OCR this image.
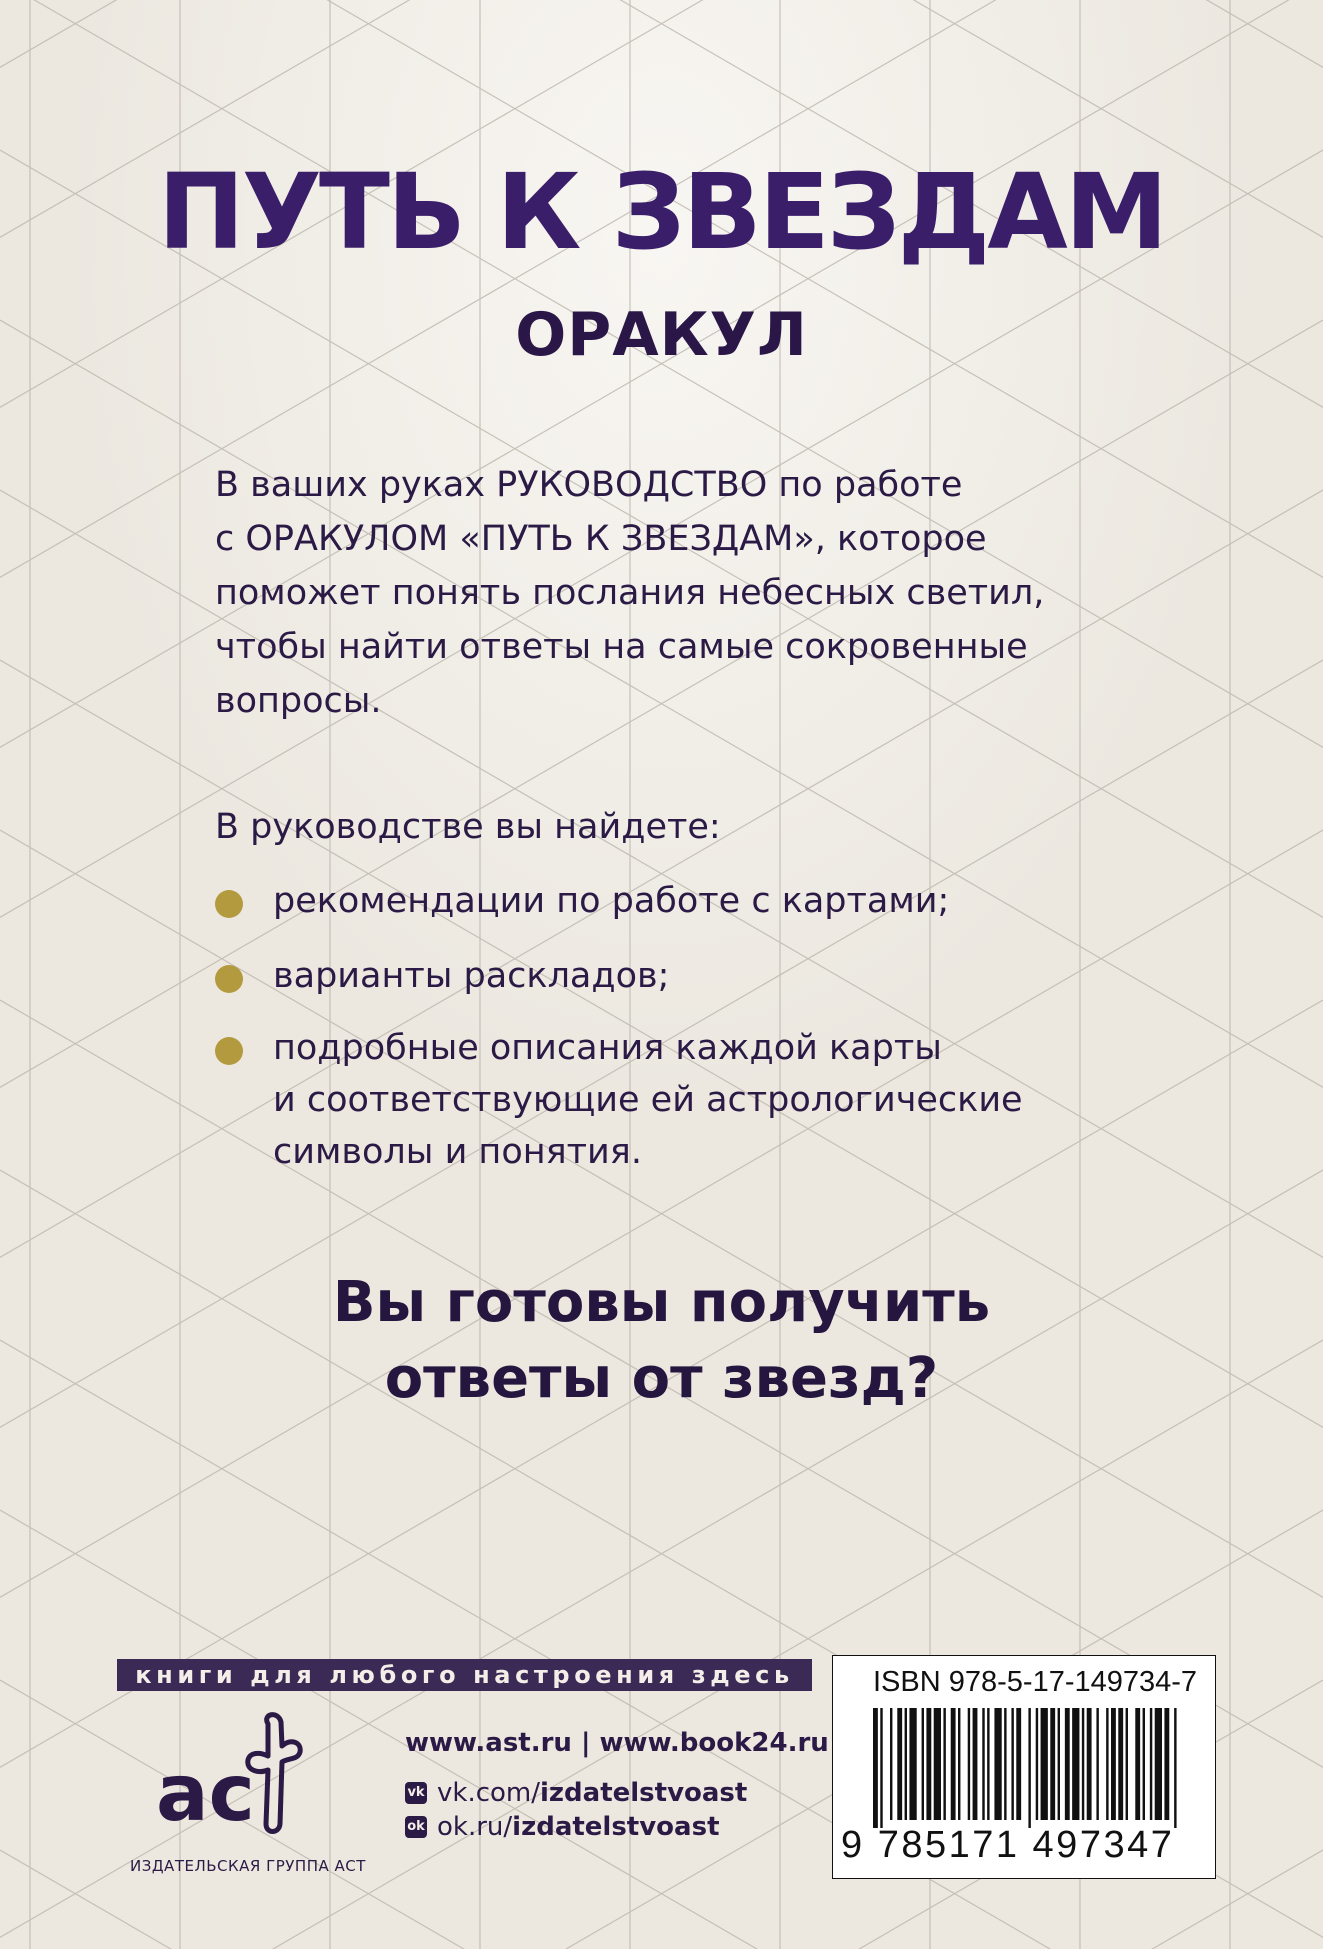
ПУТЬ К ЗВЕЗДАМ
ОРАКУЛ
В ваших руках РУКОВОДСТВО по работе
с ОРАКУЛОМ «ПУТЬ К ЗВЕЗДАМ», которое
поможет понять послания небесных светил,
чтобы найти ответы на самые сокровенные
вопросы.
В руководстве вы найдете:
рекомендации по работе с картами;
варианты раскладов;
подробные описания каждой карты
и соответствующие ей астрологические
символы и понятия.
Вы готовы получить
ответы от звезд?
книги для любого настроения здесь
ac
ИЗДАТЕЛЬСКАЯ ГРУППА АСТ
www.ast.ru | www.book24.ru
vk vk.com/ izdatelstvoast
ok ok.ru/ izdatelstvoast
ISBN 978-5-17-149734-7
9 785171 497347
